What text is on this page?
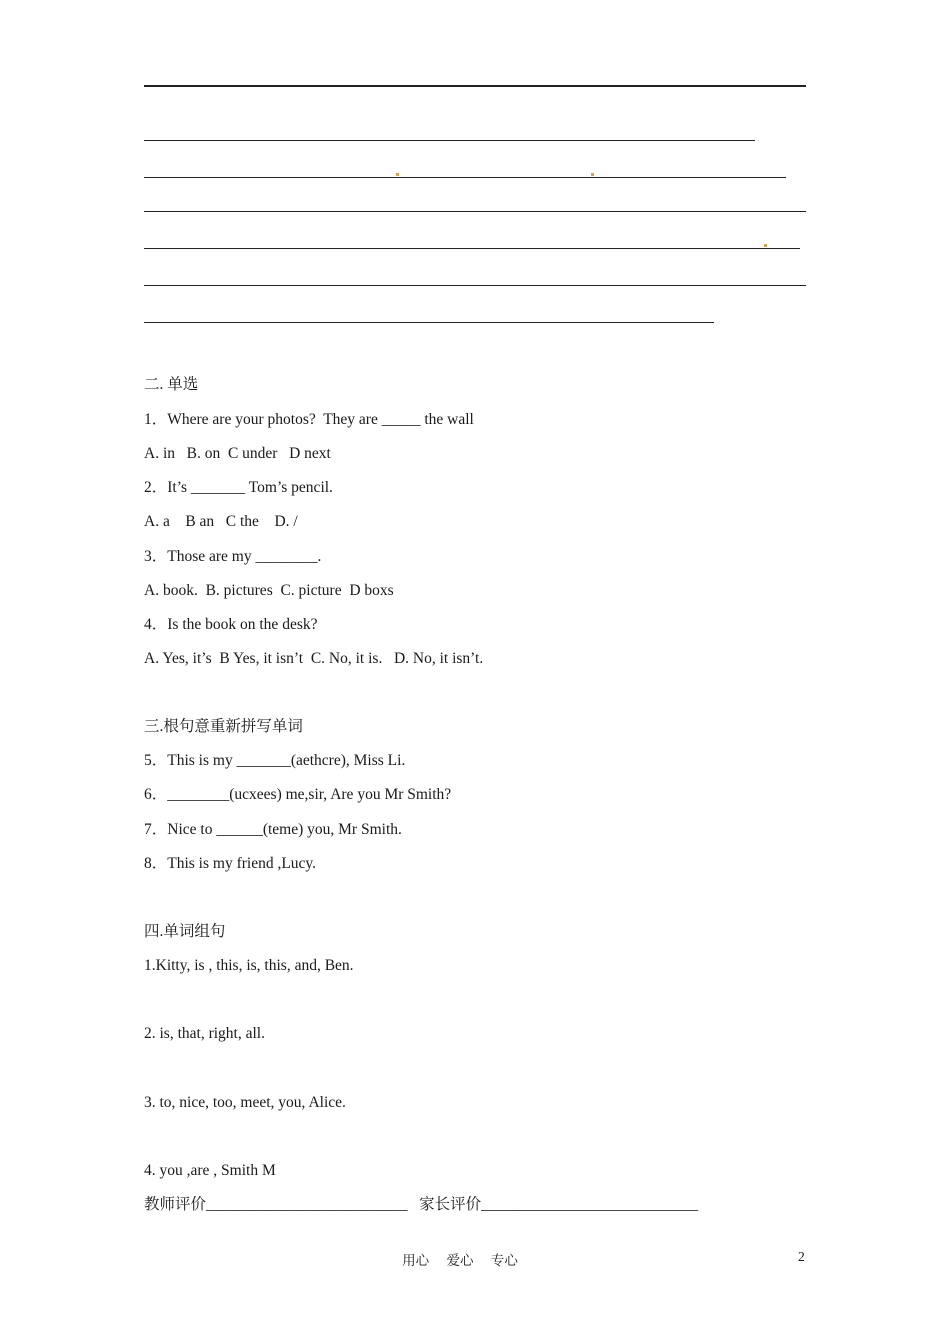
二. 单选
1．Where are your photos?  They are _____ the wall
A. in   B. on  C under   D next
2．It’s _______ Tom’s pencil.
A. a    B an   C the    D. /
3．Those are my ________.
A. book.  B. pictures  C. picture  D boxs
4．Is the book on the desk?
A. Yes, it’s  B Yes, it isn’t  C. No, it is.   D. No, it isn’t.
三.根句意重新拼写单词
5．This is my _______(aethcre), Miss Li.
6．________(ucxees) me,sir, Are you Mr Smith?
7．Nice to ______(teme) you, Mr Smith.
8．This is my friend ,Lucy.
四.单词组句
1.Kitty, is , this, is, this, and, Ben.
2. is, that, right, all.
3. to, nice, too, meet, you, Alice.
4. you ,are , Smith M
教师评价__________________________   家长评价____________________________
用心 爱心 专心	2
